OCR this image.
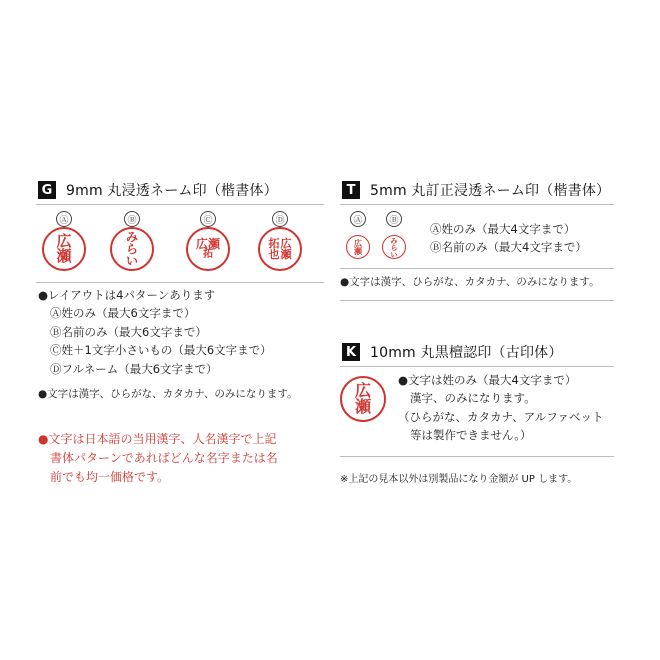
G 9mm 丸浸透ネーム印（楷書体）
Ⓐ	Ⓑ	Ⓒ	Ⓓ
広
瀬
み
ら
い
広瀬
拓
広
瀬
拓
也
●レイアウトは4パターンあります
Ⓐ姓のみ（最大6文字まで）
Ⓑ名前のみ（最大6文字まで）
Ⓒ姓＋1文字小さいもの（最大6文字まで）
Ⓓフルネーム（最大6文字まで）
●文字は漢字、ひらがな、カタカナ、のみになります。
●文字は日本語の当用漢字、人名漢字で上記
書体パターンであればどんな名字または名
前でも均一価格です。
T	5mm 丸訂正浸透ネーム印（楷書体）
Ⓐ	Ⓑ
広
瀬
み
ら
い
Ⓐ姓のみ（最大4文字まで）
Ⓑ名前のみ（最大4文字まで）
●文字は漢字、ひらがな、カタカナ、のみになります。
K 10mm 丸黒檀認印（古印体）
広
瀬
●文字は姓のみ（最大4文字まで）
漢字、のみになります。
（ひらがな、カタカナ、アルファベット
等は製作できません。）
※上記の見本以外は別製品になり金額が UP します。
